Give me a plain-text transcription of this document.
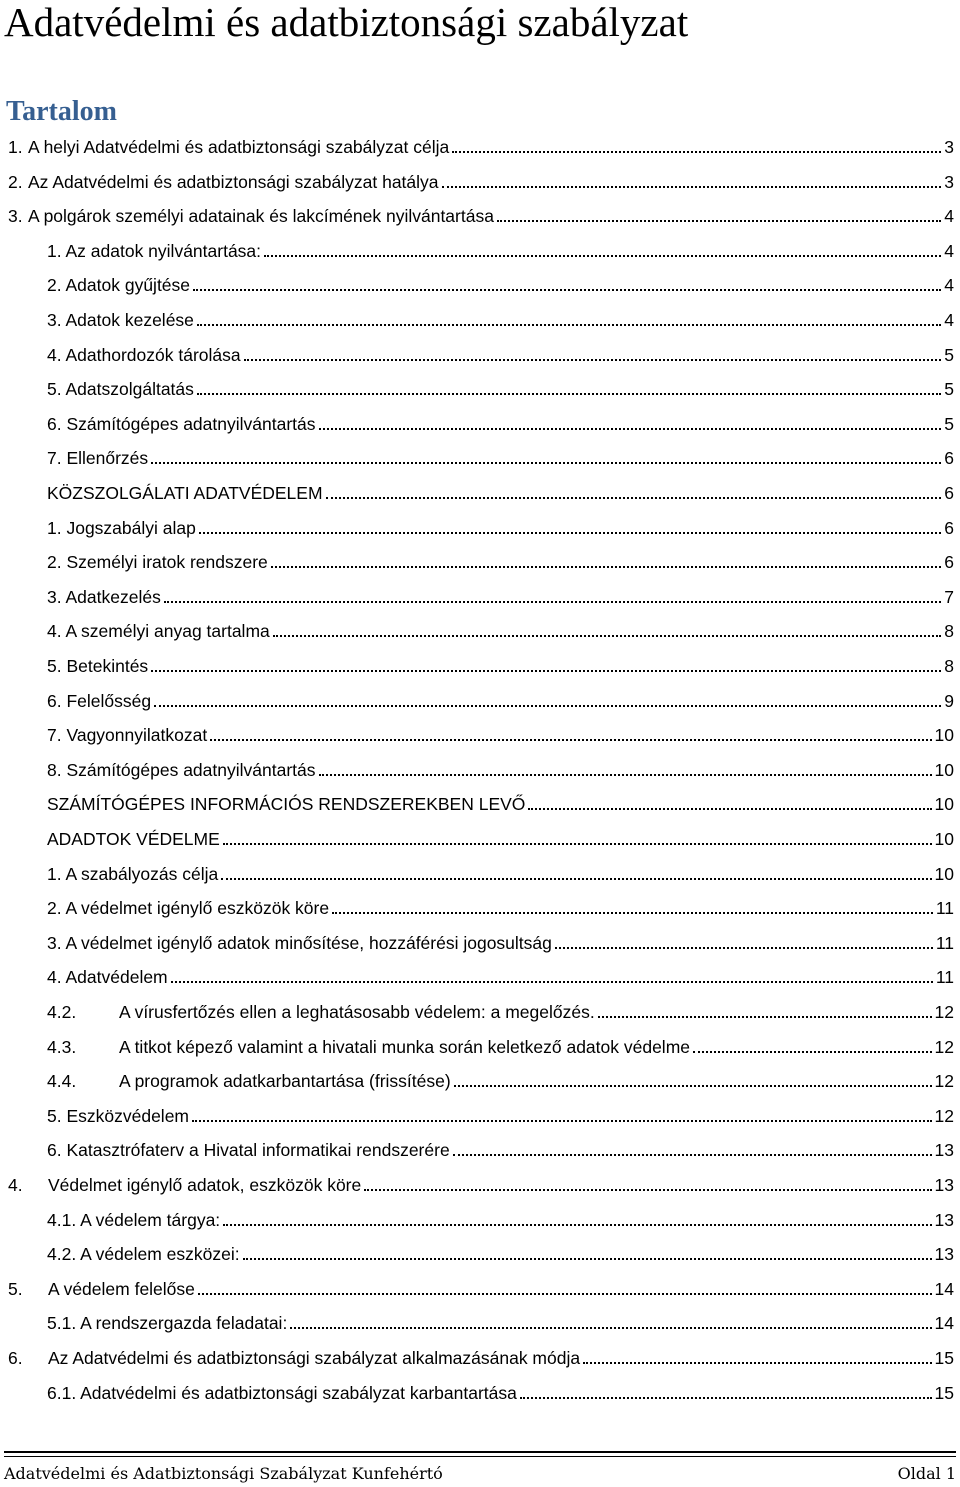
Adatvédelmi és adatbiztonsági szabályzat
Tartalom
1. A helyi Adatvédelmi és adatbiztonsági szabályzat célja	3
2. Az Adatvédelmi és adatbiztonsági szabályzat hatálya	3
3. A polgárok személyi adatainak és lakcímének nyilvántartása	4
1. Az adatok nyilvántartása:	4
2. Adatok gyűjtése	4
3. Adatok kezelése	4
4. Adathordozók tárolása	5
5. Adatszolgáltatás	5
6. Számítógépes adatnyilvántartás	5
7. Ellenőrzés	6
KÖZSZOLGÁLATI ADATVÉDELEM	6
1. Jogszabályi alap	6
2. Személyi iratok rendszere	6
3. Adatkezelés	7
4. A személyi anyag tartalma	8
5. Betekintés	8
6. Felelősség	9
7. Vagyonnyilatkozat	10
8. Számítógépes adatnyilvántartás	10
SZÁMÍTÓGÉPES INFORMÁCIÓS RENDSZEREKBEN LEVŐ	10
ADADTOK VÉDELME	10
1. A szabályozás célja	10
2. A védelmet igénylő eszközök köre	11
3. A védelmet igénylő adatok minősítése, hozzáférési jogosultság	11
4. Adatvédelem	11
4.2.	A vírusfertőzés ellen a leghatásosabb védelem: a megelőzés.	12
4.3.	A titkot képező valamint a hivatali munka során keletkező adatok védelme	12
4.4.	A programok adatkarbantartása (frissítése)	12
5. Eszközvédelem	12
6. Katasztrófaterv a Hivatal informatikai rendszerére	13
4.	Védelmet igénylő adatok, eszközök köre	13
4.1. A védelem tárgya:	13
4.2. A védelem eszközei:	13
5.	A védelem felelőse	14
5.1. A rendszergazda feladatai:	14
6.	Az Adatvédelmi és adatbiztonsági szabályzat alkalmazásának módja	15
6.1. Adatvédelmi és adatbiztonsági szabályzat karbantartása	15
Adatvédelmi és Adatbiztonsági Szabályzat Kunfehértó	Oldal 1
